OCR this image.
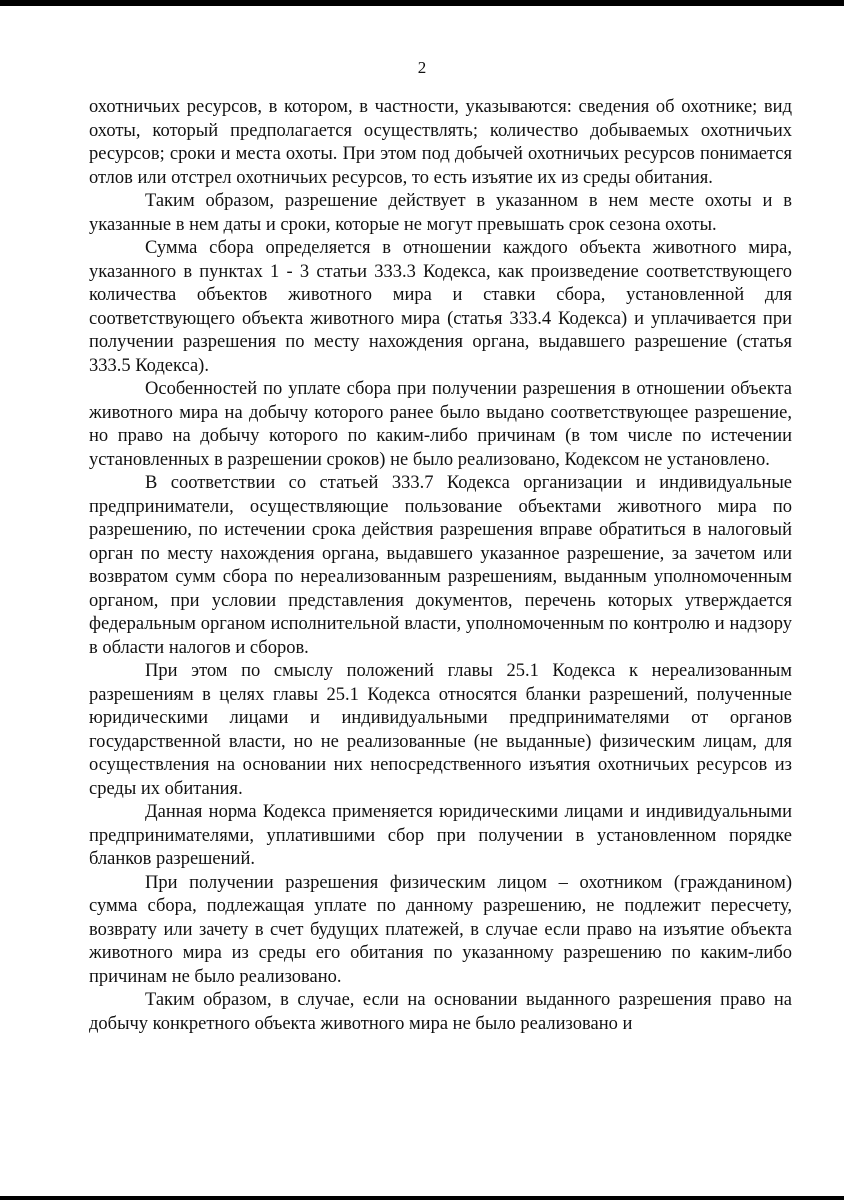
2

охотничьих ресурсов, в котором, в частности, указываются: сведения об охотнике; вид охоты, который предполагается осуществлять; количество добываемых охотничьих ресурсов; сроки и места охоты. При этом под добычей охотничьих ресурсов понимается отлов или отстрел охотничьих ресурсов, то есть изъятие их из среды обитания.

Таким образом, разрешение действует в указанном в нем месте охоты и в указанные в нем даты и сроки, которые не могут превышать срок сезона охоты.

Сумма сбора определяется в отношении каждого объекта животного мира, указанного в пунктах 1 - 3 статьи 333.3 Кодекса, как произведение соответствующего количества объектов животного мира и ставки сбора, установленной для соответствующего объекта животного мира (статья 333.4 Кодекса) и уплачивается при получении разрешения по месту нахождения органа, выдавшего разрешение (статья 333.5 Кодекса).

Особенностей по уплате сбора при получении разрешения в отношении объекта животного мира на добычу которого ранее было выдано соответствующее разрешение, но право на добычу которого по каким-либо причинам (в том числе по истечении установленных в разрешении сроков) не было реализовано, Кодексом не установлено.

В соответствии со статьей 333.7 Кодекса организации и индивидуальные предприниматели, осуществляющие пользование объектами животного мира по разрешению, по истечении срока действия разрешения вправе обратиться в налоговый орган по месту нахождения органа, выдавшего указанное разрешение, за зачетом или возвратом сумм сбора по нереализованным разрешениям, выданным уполномоченным органом, при условии представления документов, перечень которых утверждается федеральным органом исполнительной власти, уполномоченным по контролю и надзору в области налогов и сборов.

При этом по смыслу положений главы 25.1 Кодекса к нереализованным разрешениям в целях главы 25.1 Кодекса относятся бланки разрешений, полученные юридическими лицами и индивидуальными предпринимателями от органов государственной власти, но не реализованные (не выданные) физическим лицам, для осуществления на основании них непосредственного изъятия охотничьих ресурсов из среды их обитания.

Данная норма Кодекса применяется юридическими лицами и индивидуальными предпринимателями, уплатившими сбор при получении в установленном порядке бланков разрешений.

При получении разрешения физическим лицом – охотником (гражданином) сумма сбора, подлежащая уплате по данному разрешению, не подлежит пересчету, возврату или зачету в счет будущих платежей, в случае если право на изъятие объекта животного мира из среды его обитания по указанному разрешению по каким-либо причинам не было реализовано.

Таким образом, в случае, если на основании выданного разрешения право на добычу конкретного объекта животного мира не было реализовано и
